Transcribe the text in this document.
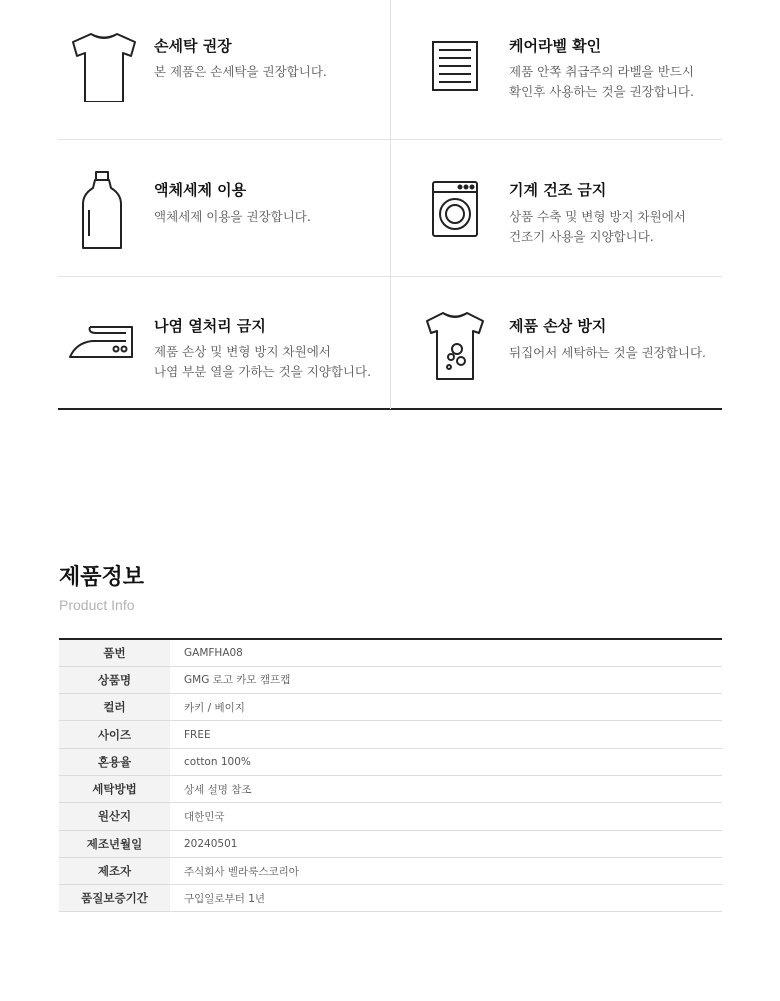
손세탁 권장
본 제품은 손세탁을 권장합니다.
케어라벨 확인
제품 안쪽 취급주의 라벨을 반드시
확인후 사용하는 것을 권장합니다.
액체세제 이용
액체세제 이용을 권장합니다.
기계 건조 금지
상품 수축 및 변형 방지 차원에서
건조기 사용을 지양합니다.
나염 열처리 금지
제품 손상 및 변형 방지 차원에서
나염 부분 열을 가하는 것을 지양합니다.
제품 손상 방지
뒤집어서 세탁하는 것을 권장합니다.
제품정보
Product Info
품번	GAMFHA08
상품명	GMG 로고 카모 캠프캡
컬러	카키 / 베이지
사이즈	FREE
혼용율	cotton 100%
세탁방법	상세 설명 참조
원산지	대한민국
제조년월일	20240501
제조자	주식회사 벨라룩스코리아
품질보증기간	구입일로부터 1년
